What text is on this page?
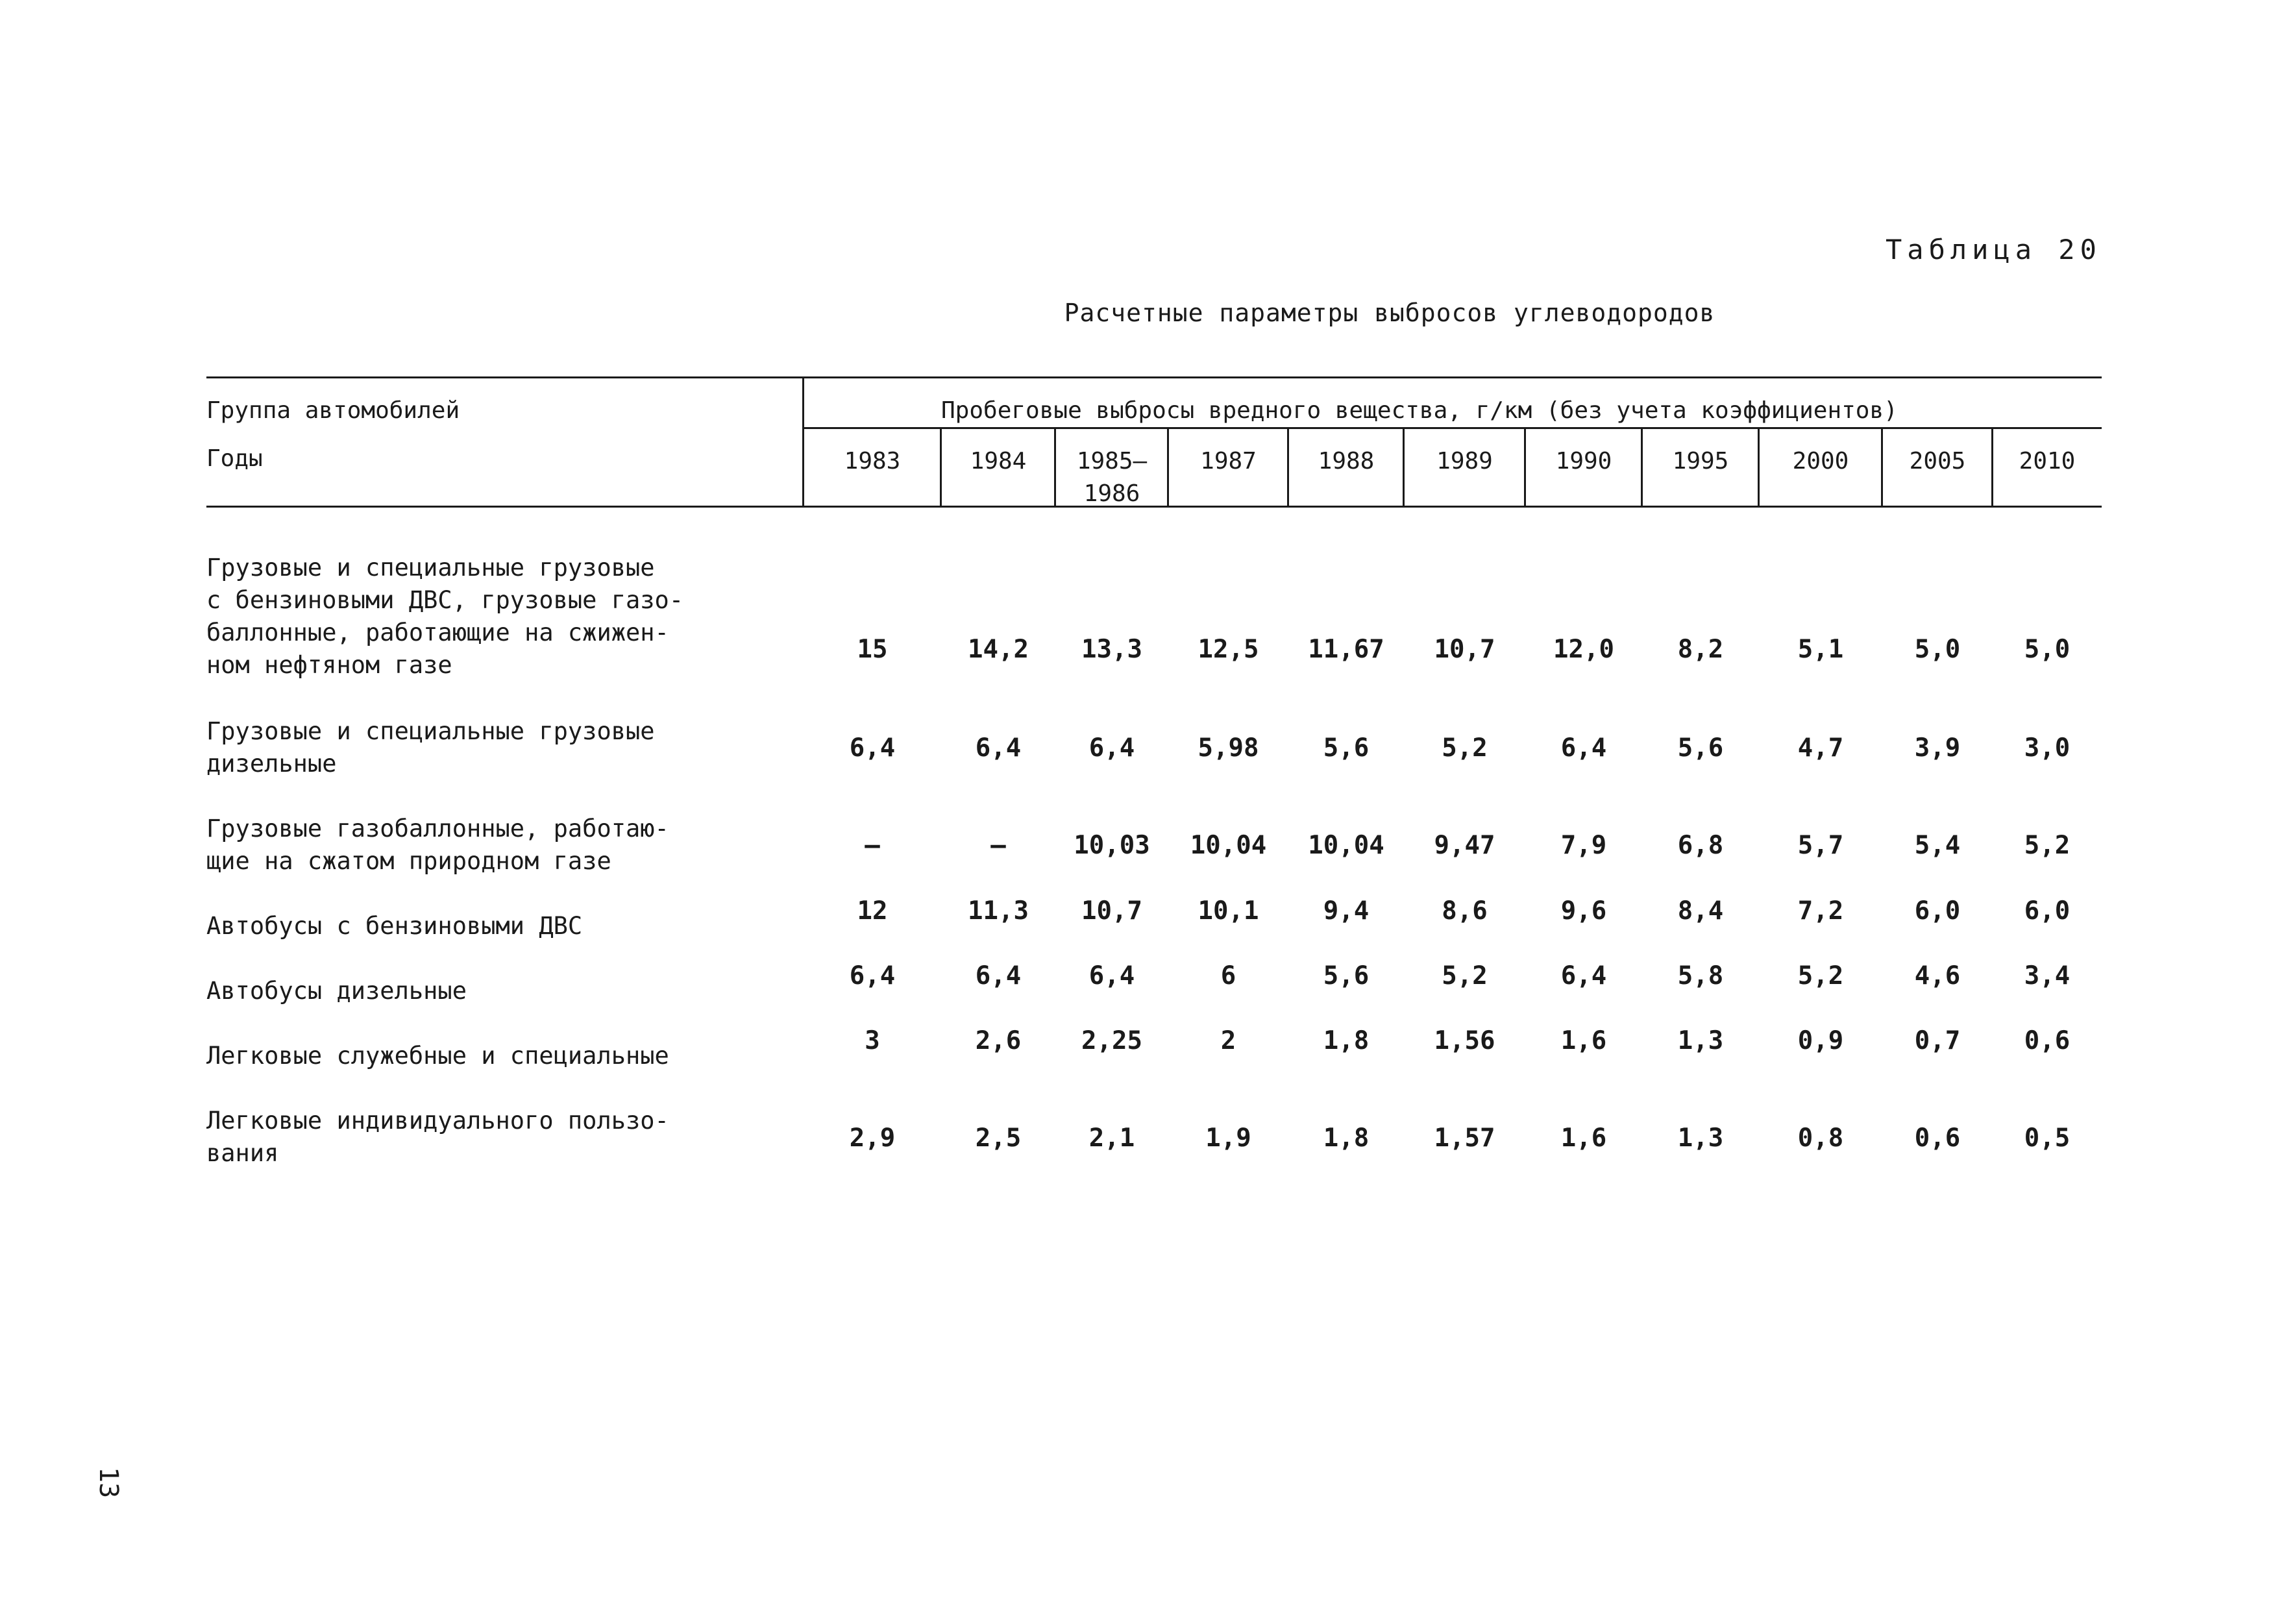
Таблица 20
Расчетные параметры выбросов углеводородов
Группа автомобилей
Годы
Пробеговые выбросы вредного вещества, г/км (без учета коэффициентов)
1983	1984	1985–
1986
1987	1988	1989	1990	1995	2000	2005	2010
Грузовые и специальные грузовые
с бензиновыми ДВС, грузовые газо-
баллонные, работающие на сжижен-
ном нефтяном газе
15	14,2	13,3	12,5	11,67	10,7	12,0	8,2	5,1	5,0	5,0
Грузовые и специальные грузовые
дизельные
6,4	6,4	6,4	5,98	5,6	5,2	6,4	5,6	4,7	3,9	3,0
Грузовые газобаллонные, работаю-
щие на сжатом природном газе
–	–	10,03	10,04	10,04	9,47	7,9	6,8	5,7	5,4	5,2
Автобусы с бензиновыми ДВС
12	11,3	10,7	10,1	9,4	8,6	9,6	8,4	7,2	6,0	6,0
Автобусы дизельные
6,4	6,4	6,4	6	5,6	5,2	6,4	5,8	5,2	4,6	3,4
Легковые служебные и специальные
3	2,6	2,25	2	1,8	1,56	1,6	1,3	0,9	0,7	0,6
Легковые индивидуального пользо-
вания
2,9	2,5	2,1	1,9	1,8	1,57	1,6	1,3	0,8	0,6	0,5
13
